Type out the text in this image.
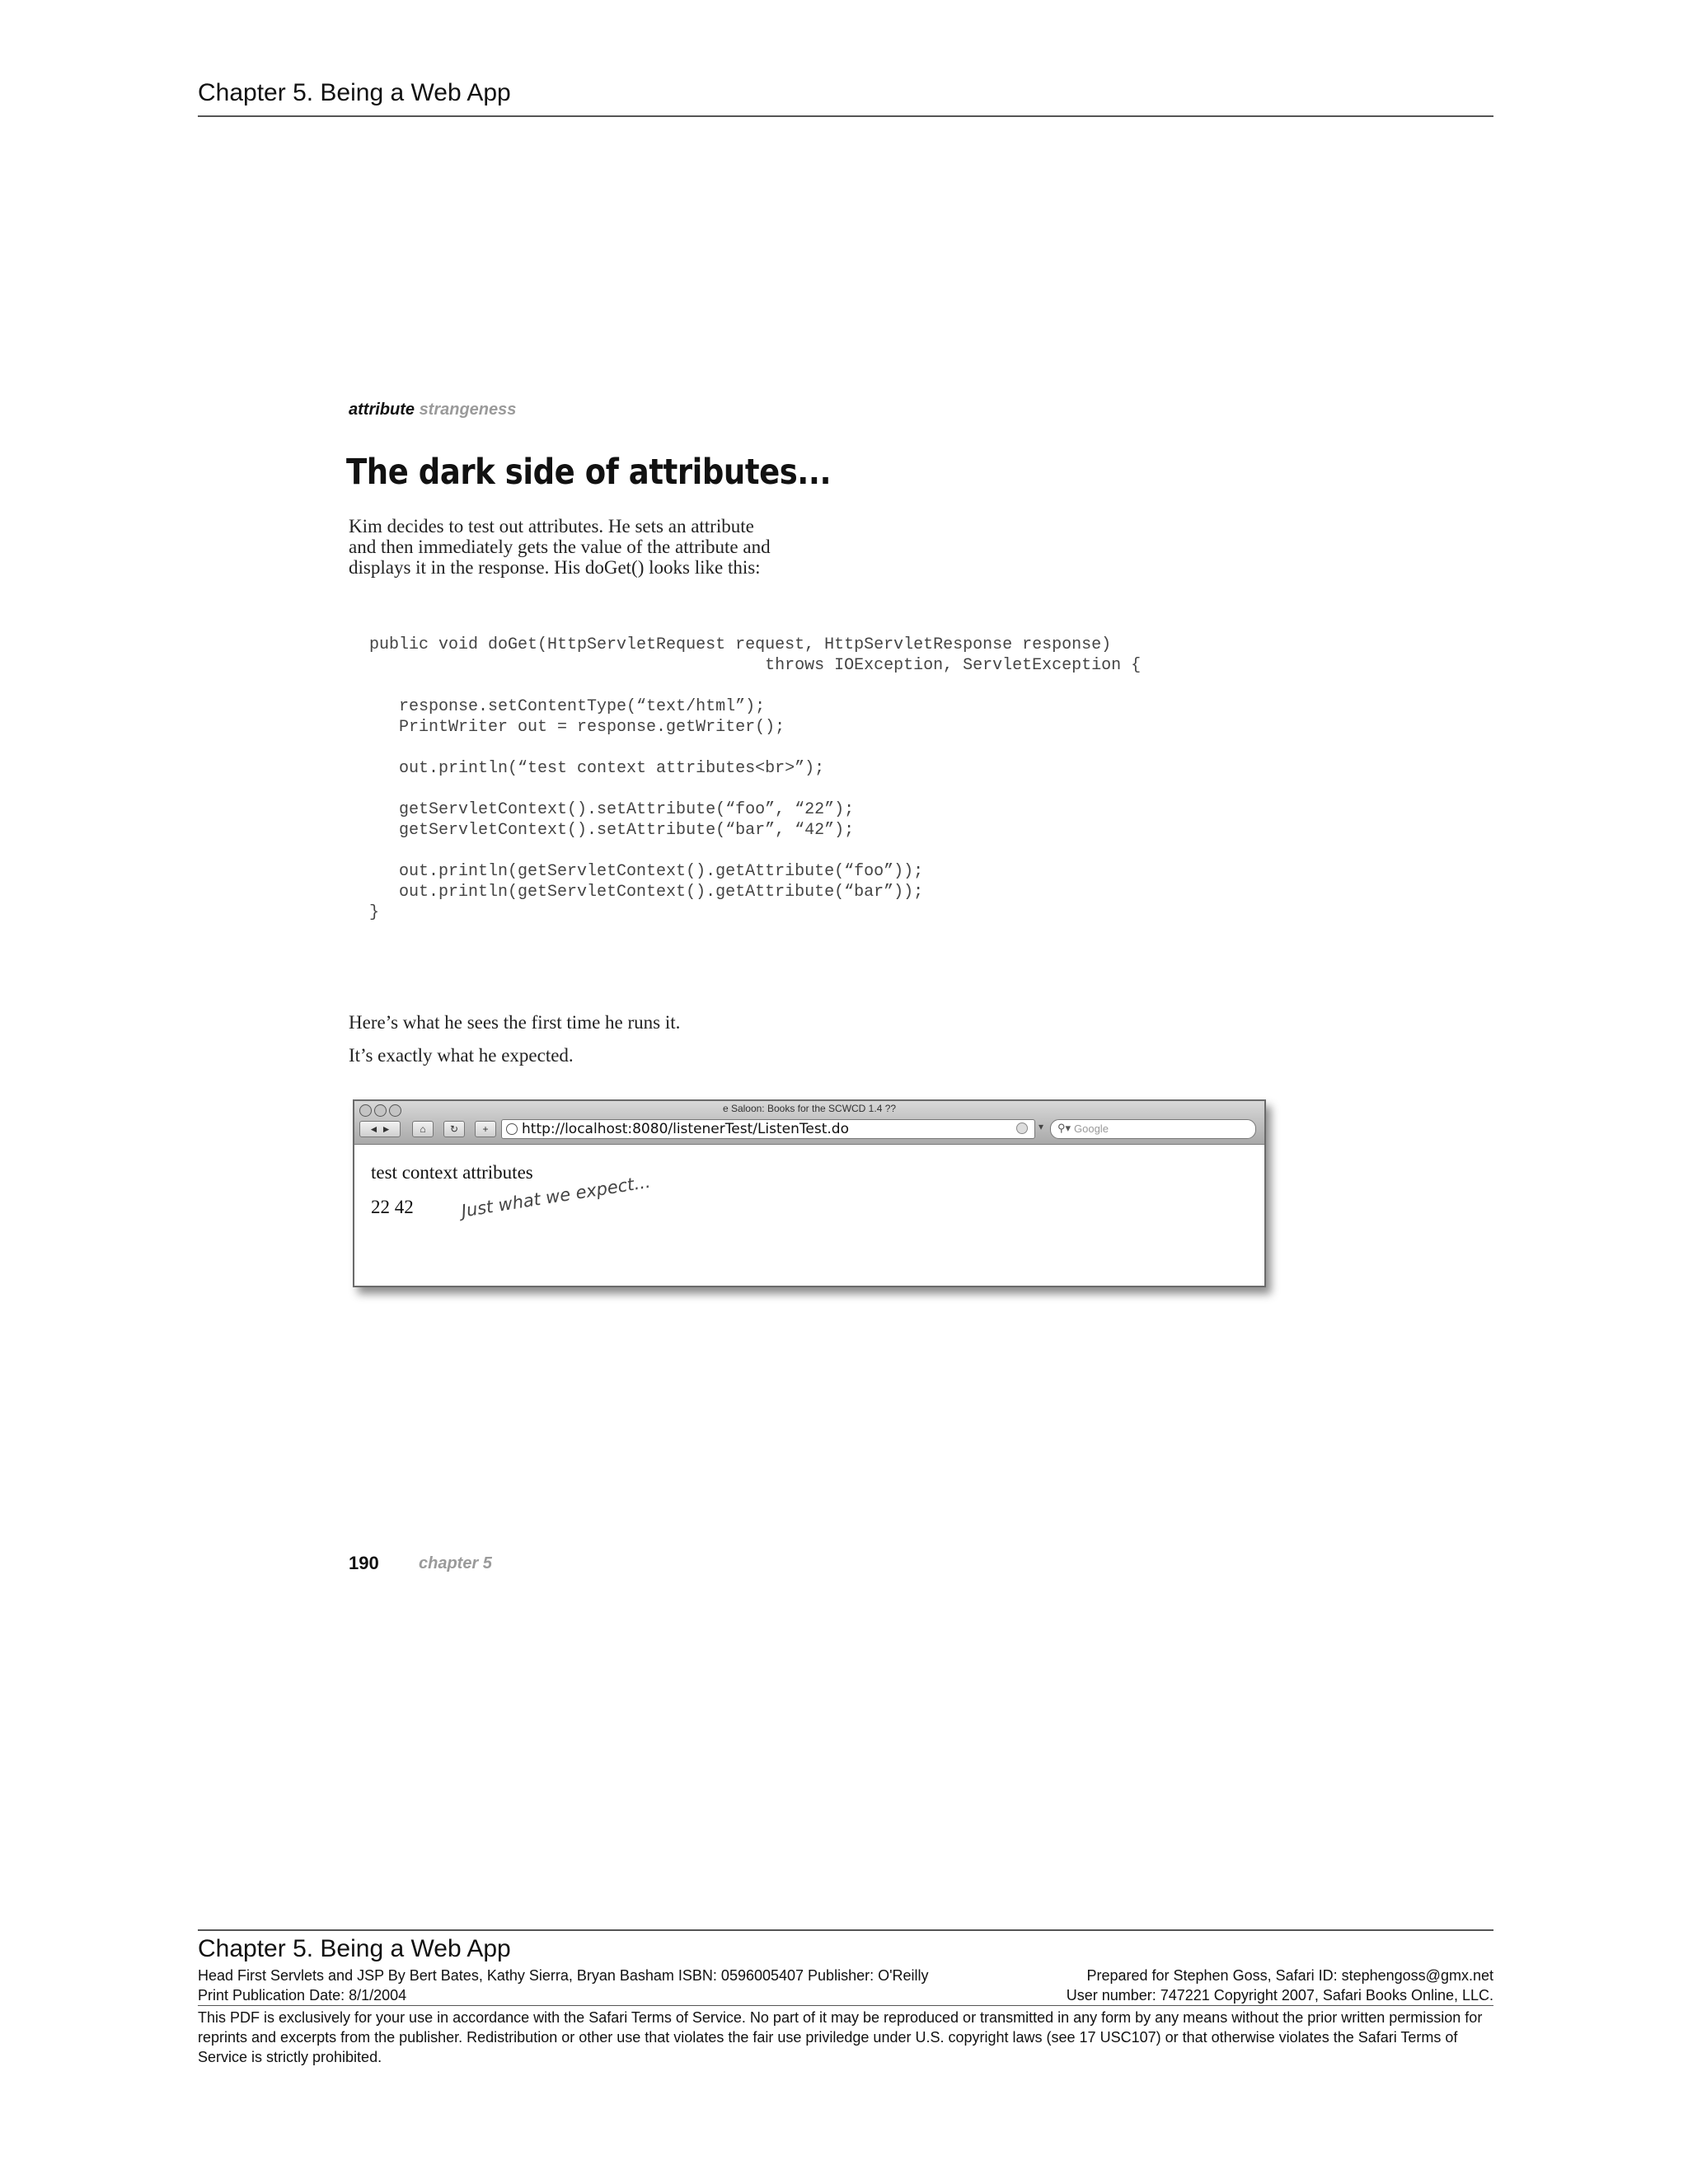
Chapter 5. Being a Web App
attribute strangeness
The dark side of attributes...
Kim decides to test out attributes. He sets an attribute
and then immediately gets the value of the attribute and
displays it in the response. His doGet() looks like this:
public void doGet(HttpServletRequest request, HttpServletResponse response)
throws IOException, ServletException {

response.setContentType(“text/html”);
PrintWriter out = response.getWriter();

out.println(“test context attributes<br>”);

getServletContext().setAttribute(“foo”, “22”);
getServletContext().setAttribute(“bar”, “42”);

out.println(getServletContext().getAttribute(“foo”));
out.println(getServletContext().getAttribute(“bar”));
}
Here’s what he sees the first time he runs it.
It’s exactly what he expected.
e Saloon: Books for the SCWCD 1.4 ??
◄ ►	⌂	↻	+	http://localhost:8080/listenerTest/ListenTest.do	▾ ⚲▾ Google
test context attributes
22 42	Just what we expect...
190 chapter 5
Chapter 5. Being a Web App
Head First Servlets and JSP By Bert Bates, Kathy Sierra, Bryan Basham ISBN: 0596005407 Publisher: O'Reilly	Prepared for Stephen Goss, Safari ID: stephengoss@gmx.net
Print Publication Date: 8/1/2004	User number: 747221 Copyright 2007, Safari Books Online, LLC.
This PDF is exclusively for your use in accordance with the Safari Terms of Service. No part of it may be reproduced or transmitted in any form by any means without the prior written permission for reprints and excerpts from the publisher. Redistribution or other use that violates the fair use priviledge under U.S. copyright laws (see 17 USC107) or that otherwise violates the Safari Terms of Service is strictly prohibited.
